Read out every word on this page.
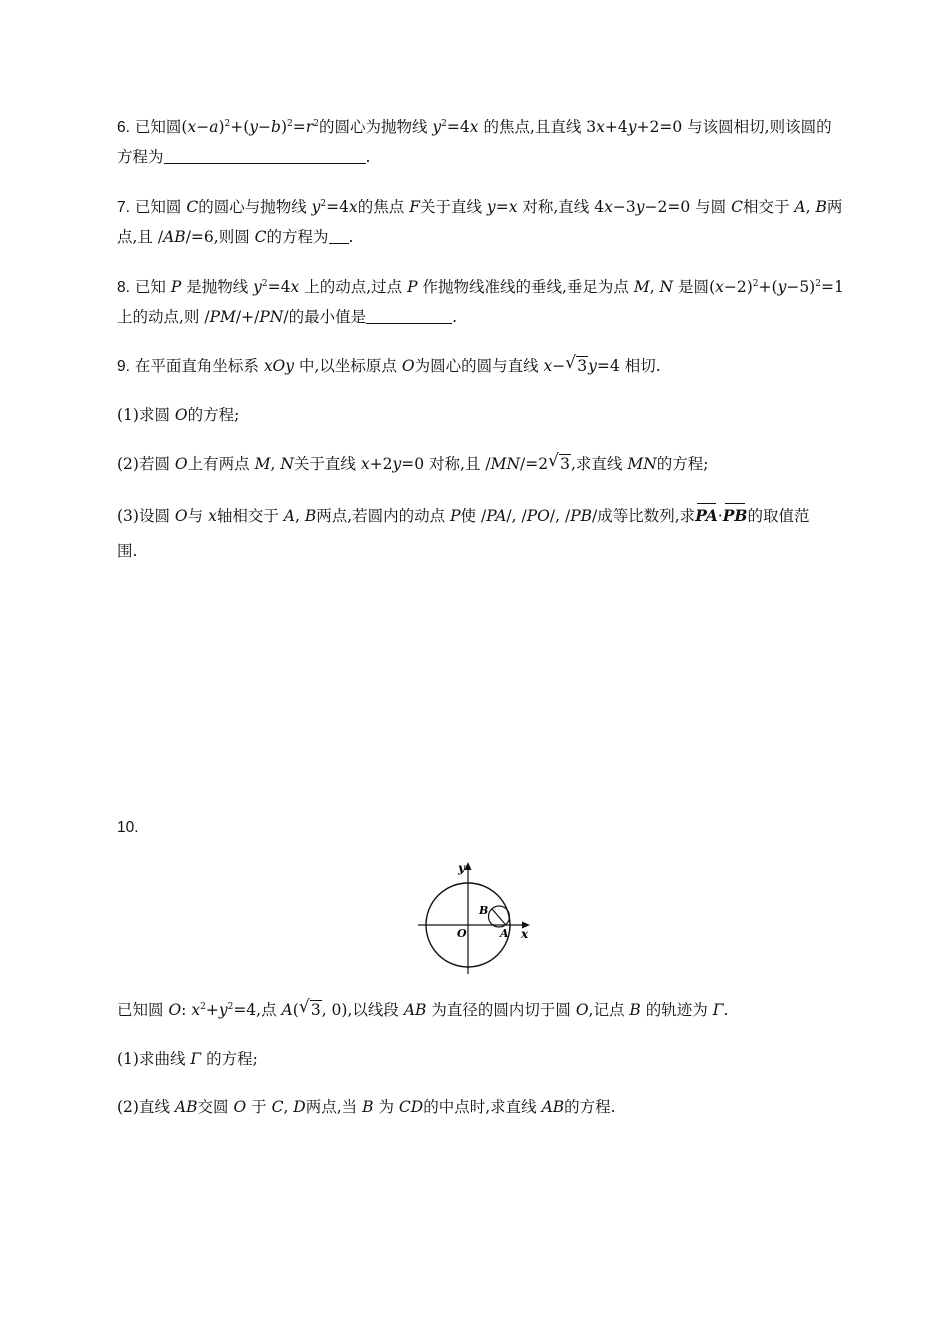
6. 已知圆$(x-a)^2+(y-b)^2=r^2$的圆心为抛物线 $y^2=4x$ 的焦点,且直线 3x+4y+2=0 与该圆相切,则该圆的
方程为	.
7. 已知圆 C的圆心与抛物线 $y^2=4x$的焦点 F关于直线 y=x 对称,直线 4x−3y−2=0 与圆 C相交于 A, B两
点,且 /AB/=6,则圆 C的方程为 .
8. 已知 P 是抛物线 $y^2=4x$ 上的动点,过点 P 作抛物线准线的垂线,垂足为点 M, N 是圆$(x-2)^2+(y-5)^2=1$
上的动点,则 /PM/+/PN/的最小值是	.
9. 在平面直角坐标系 xOy 中,以坐标原点 O为圆心的圆与直线 x− √ 3y=4 相切.
(1)求圆 O的方程;
(2)若圆 O上有两点 M, N关于直线 x+2y=0 对称,且 /MN/=2 √ 3,求直线 MN的方程;
(3)设圆 O与 x轴相交于 A, B两点,若圆内的动点 P使 /PA/, /PO/, /PB/成等比数列,求PA·PB的取值范
围.
10.
y
x
O	A
B
已知圆 O: $x^2+y^2=4$,点 A( √ 3, 0),以线段 AB 为直径的圆内切于圆 O,记点 B 的轨迹为 Γ.
(1)求曲线 Γ 的方程;
(2)直线 AB交圆 O 于 C, D两点,当 B 为 CD的中点时,求直线 AB的方程.
